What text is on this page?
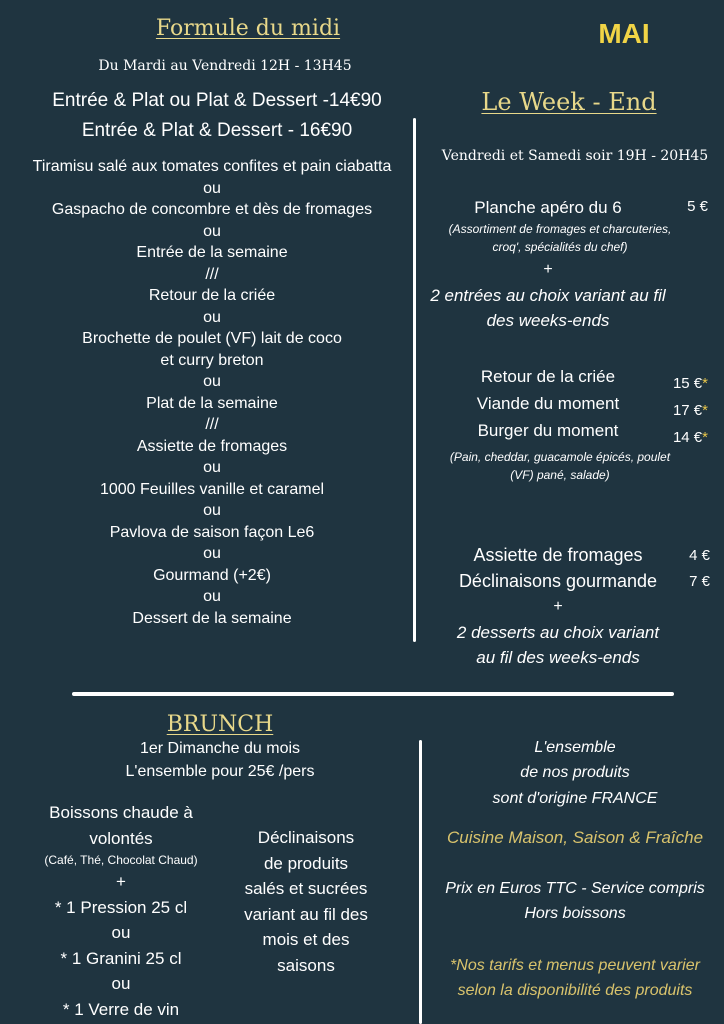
Formule du midi
Du Mardi au Vendredi 12H - 13H45
Entrée & Plat ou Plat & Dessert -14€90
Entrée & Plat & Dessert - 16€90
Tiramisu salé aux tomates confites et pain ciabatta
ou
Gaspacho de concombre et dès de fromages
ou
Entrée de la semaine
///
Retour de la criée
ou
Brochette de poulet (VF) lait de coco
et curry breton
ou
Plat de la semaine
///
Assiette de fromages
ou
1000 Feuilles vanille et caramel
ou
Pavlova de saison façon Le6
ou
Gourmand (+2€)
ou
Dessert de la semaine
MAI
Le Week - End
Vendredi et Samedi soir 19H - 20H45
Planche apéro du 6	5 €
(Assortiment de fromages et charcuteries,
croq', spécialités du chef)
+
2 entrées au choix variant au fil
des weeks-ends
Retour de la criée	15 €*
Viande du moment	17 €*
Burger du moment	14 €*
(Pain, cheddar, guacamole épicés, poulet
(VF) pané, salade)
Assiette de fromages	4 €
Déclinaisons gourmande	7 €
+
2 desserts au choix variant
au fil des weeks-ends
BRUNCH
1er Dimanche du mois
L'ensemble pour 25€ /pers
Boissons chaude à
volontés
(Café, Thé, Chocolat Chaud)
+
* 1 Pression 25 cl
ou
* 1 Granini 25 cl
ou
* 1 Verre de vin
Déclinaisons
de produits
salés et sucrées
variant au fil des
mois et des
saisons
L'ensemble
de nos produits
sont d'origine FRANCE
Cuisine Maison, Saison & Fraîche
Prix en Euros TTC - Service compris
Hors boissons
*Nos tarifs et menus peuvent varier
selon la disponibilité des produits
